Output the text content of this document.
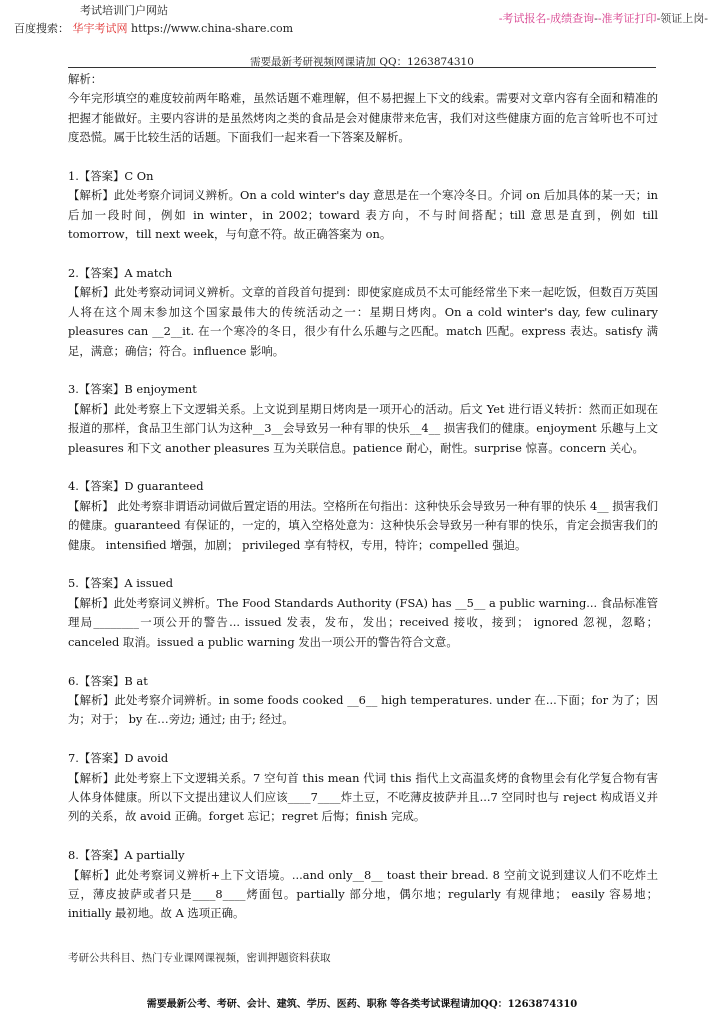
考试培训门户网站
百度搜索： 华宇考试网 https://www.china-share.com
-考试报名-成绩查询--准考证打印-领证上岗-
需要最新考研视频网课请加 QQ：1263874310

解析：

今年完形填空的难度较前两年略难，虽然话题不难理解，但不易把握上下文的线索。需要对文章内容有全面和精准的把握才能做好。主要内容讲的是虽然烤肉之类的食品是会对健康带来危害，我们对这些健康方面的危言耸听也不可过度恐慌。属于比较生活的话题。下面我们一起来看一下答案及解析。

1.【答案】C On

【解析】此处考察介词词义辨析。On a cold winter's day 意思是在一个寒冷冬日。介词 on 后加具体的某一天；in 后加一段时间，例如 in winter，in 2002；toward 表方向，不与时间搭配；till 意思是直到，例如 till tomorrow，till next week，与句意不符。故正确答案为 on。

2.【答案】A match

【解析】此处考察动词词义辨析。文章的首段首句提到：即使家庭成员不太可能经常坐下来一起吃饭，但数百万英国人将在这个周末参加这个国家最伟大的传统活动之一：星期日烤肉。On a cold winter's day, few culinary pleasures can __2__it. 在一个寒冷的冬日，很少有什么乐趣与之匹配。match 匹配。express 表达。satisfy 满足，满意；确信；符合。influence 影响。

3.【答案】B enjoyment

【解析】此处考察上下文逻辑关系。上文说到星期日烤肉是一项开心的活动。后文 Yet 进行语义转折：然而正如现在报道的那样，食品卫生部门认为这种__3__会导致另一种有罪的快乐__4__ 损害我们的健康。enjoyment 乐趣与上文 pleasures 和下文 another pleasures 互为关联信息。patience 耐心，耐性。surprise 惊喜。concern 关心。

4.【答案】D guaranteed

【解析】 此处考察非谓语动词做后置定语的用法。空格所在句指出：这种快乐会导致另一种有罪的快乐 4__ 损害我们的健康。guaranteed 有保证的，一定的，填入空格处意为：这种快乐会导致另一种有罪的快乐，肯定会损害我们的健康。 intensified 增强，加剧； privileged 享有特权，专用，特许；compelled 强迫。

5.【答案】A issued

【解析】此处考察词义辨析。The Food Standards Authority (FSA) has __5__ a public warning... 食品标准管理局________一项公开的警告... issued 发表，发布，发出；received 接收，接到； ignored 忽视，忽略；canceled 取消。issued a public warning 发出一项公开的警告符合文意。

6.【答案】B at

【解析】此处考察介词辨析。in some foods cooked __6__ high temperatures. under 在...下面；for 为了；因为；对于； by 在…旁边; 通过; 由于; 经过。

7.【答案】D avoid

【解析】此处考察上下文逻辑关系。7 空句首 this mean 代词 this 指代上文高温炙烤的食物里会有化学复合物有害人体身体健康。所以下文提出建议人们应该____7____炸土豆，不吃薄皮披萨并且...7 空同时也与 reject 构成语义并列的关系，故 avoid 正确。forget 忘记；regret 后悔；finish 完成。

8.【答案】A partially

【解析】此处考察词义辨析+上下文语境。...and only__8__ toast their bread. 8 空前文说到建议人们不吃炸土豆，薄皮披萨或者只是____8____烤面包。partially 部分地，偶尔地；regularly 有规律地； easily 容易地；initially 最初地。故 A 选项正确。

考研公共科目、热门专业课网课视频，密训押题资料获取
需要最新公考、考研、会计、建筑、学历、医药、职称 等各类考试课程请加QQ：1263874310
